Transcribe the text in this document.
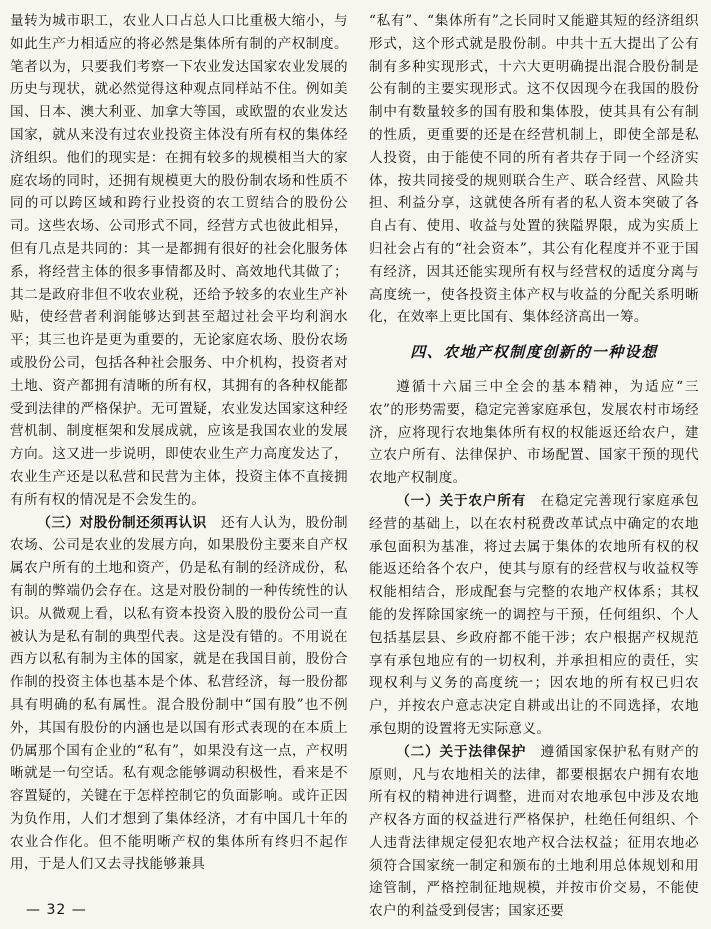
量转为城市职工，农业人口占总人口比重极大缩小，与如此生产力相适应的将必然是集体所有制的产权制度。笔者以为，只要我们考察一下农业发达国家农业发展的历史与现状，就必然觉得这种观点同样站不住。例如美国、日本、澳大利亚、加拿大等国，或欧盟的农业发达国家，就从来没有过农业投资主体没有所有权的集体经济组织。他们的现实是：在拥有较多的规模相当大的家庭农场的同时，还拥有规模更大的股份制农场和性质不同的可以跨区域和跨行业投资的农工贸结合的股份公司。这些农场、公司形式不同，经营方式也彼此相异，但有几点是共同的：其一是都拥有很好的社会化服务体系，将经营主体的很多事情都及时、高效地代其做了；其二是政府非但不收农业税，还给予较多的农业生产补贴，使经营者利润能够达到甚至超过社会平均利润水平；其三也许是更为重要的，无论家庭农场、股份农场或股份公司，包括各种社会服务、中介机构，投资者对土地、资产都拥有清晰的所有权，其拥有的各种权能都受到法律的严格保护。无可置疑，农业发达国家这种经营机制、制度框架和发展成就，应该是我国农业的发展方向。这又进一步说明，即使农业生产力高度发达了，农业生产还是以私营和民营为主体，投资主体不直接拥有所有权的情况是不会发生的。

（三）对股份制还须再认识　 还有人认为，股份制农场、公司是农业的发展方向，如果股份主要来自产权属农户所有的土地和资产，仍是私有制的经济成份，私有制的弊端仍会存在。这是对股份制的一种传统性的认识。从微观上看，以私有资本投资入股的股份公司一直被认为是私有制的典型代表。这是没有错的。不用说在西方以私有制为主体的国家，就是在我国目前，股份合作制的投资主体也基本是个体、私营经济，每一股份都具有明确的私有属性。混合股份制中“国有股”也不例外，其国有股份的内涵也是以国有形式表现的在本质上仍属那个国有企业的“私有”，如果没有这一点，产权明晰就是一句空话。私有观念能够调动积极性，看来是不容置疑的，关键在于怎样控制它的负面影响。或许正因为负作用，人们才想到了集体经济，才有中国几十年的农业合作化。但不能明晰产权的集体所有终归不起作用，于是人们又去寻找能够兼具

“私有”、“集体所有”之长同时又能避其短的经济组织形式，这个形式就是股份制。中共十五大提出了公有制有多种实现形式，十六大更明确提出混合股份制是公有制的主要实现形式。这不仅因现今在我国的股份制中有数量较多的国有股和集体股，使其具有公有制的性质，更重要的还是在经营机制上，即使全部是私人投资，由于能使不同的所有者共存于同一个经济实体，按共同接受的规则联合生产、联合经营、风险共担、利益分享，这就使各所有者的私人资本突破了各自占有、使用、收益与处置的狭隘界限，成为实质上归社会占有的“社会资本”，其公有化程度并不亚于国有经济，因其还能实现所有权与经营权的适度分离与高度统一，使各投资主体产权与收益的分配关系明晰化，在效率上更比国有、集体经济高出一筹。

四、农地产权制度创新的一种设想

遵循十六届三中全会的基本精神，为适应“三农”的形势需要，稳定完善家庭承包，发展农村市场经济，应将现行农地集体所有权的权能返还给农户，建立农户所有、法律保护、市场配置、国家干预的现代农地产权制度。

（一）关于农户所有　 在稳定完善现行家庭承包经营的基础上，以在农村税费改革试点中确定的农地承包面积为基准，将过去属于集体的农地所有权的权能返还给各个农户，使其与原有的经营权与收益权等权能相结合，形成配套与完整的农地产权体系；其权能的发挥除国家统一的调控与干预，任何组织、个人包括基层县、乡政府都不能干涉；农户根据产权规范享有承包地应有的一切权利，并承担相应的责任，实现权利与义务的高度统一；因农地的所有权已归农户，并按农户意志决定自耕或出让的不同选择，农地承包期的设置将无实际意义。

（二）关于法律保护　 遵循国家保护私有财产的原则，凡与农地相关的法律，都要根据农户拥有农地所有权的精神进行调整，进而对农地承包中涉及农地产权各方面的权益进行严格保护，杜绝任何组织、个人违背法律规定侵犯农地产权合法权益；征用农地必须符合国家统一制定和颁布的土地利用总体规划和用途管制，严格控制征地规模，并按市价交易，不能使农户的利益受到侵害；国家还要

— 32 —
